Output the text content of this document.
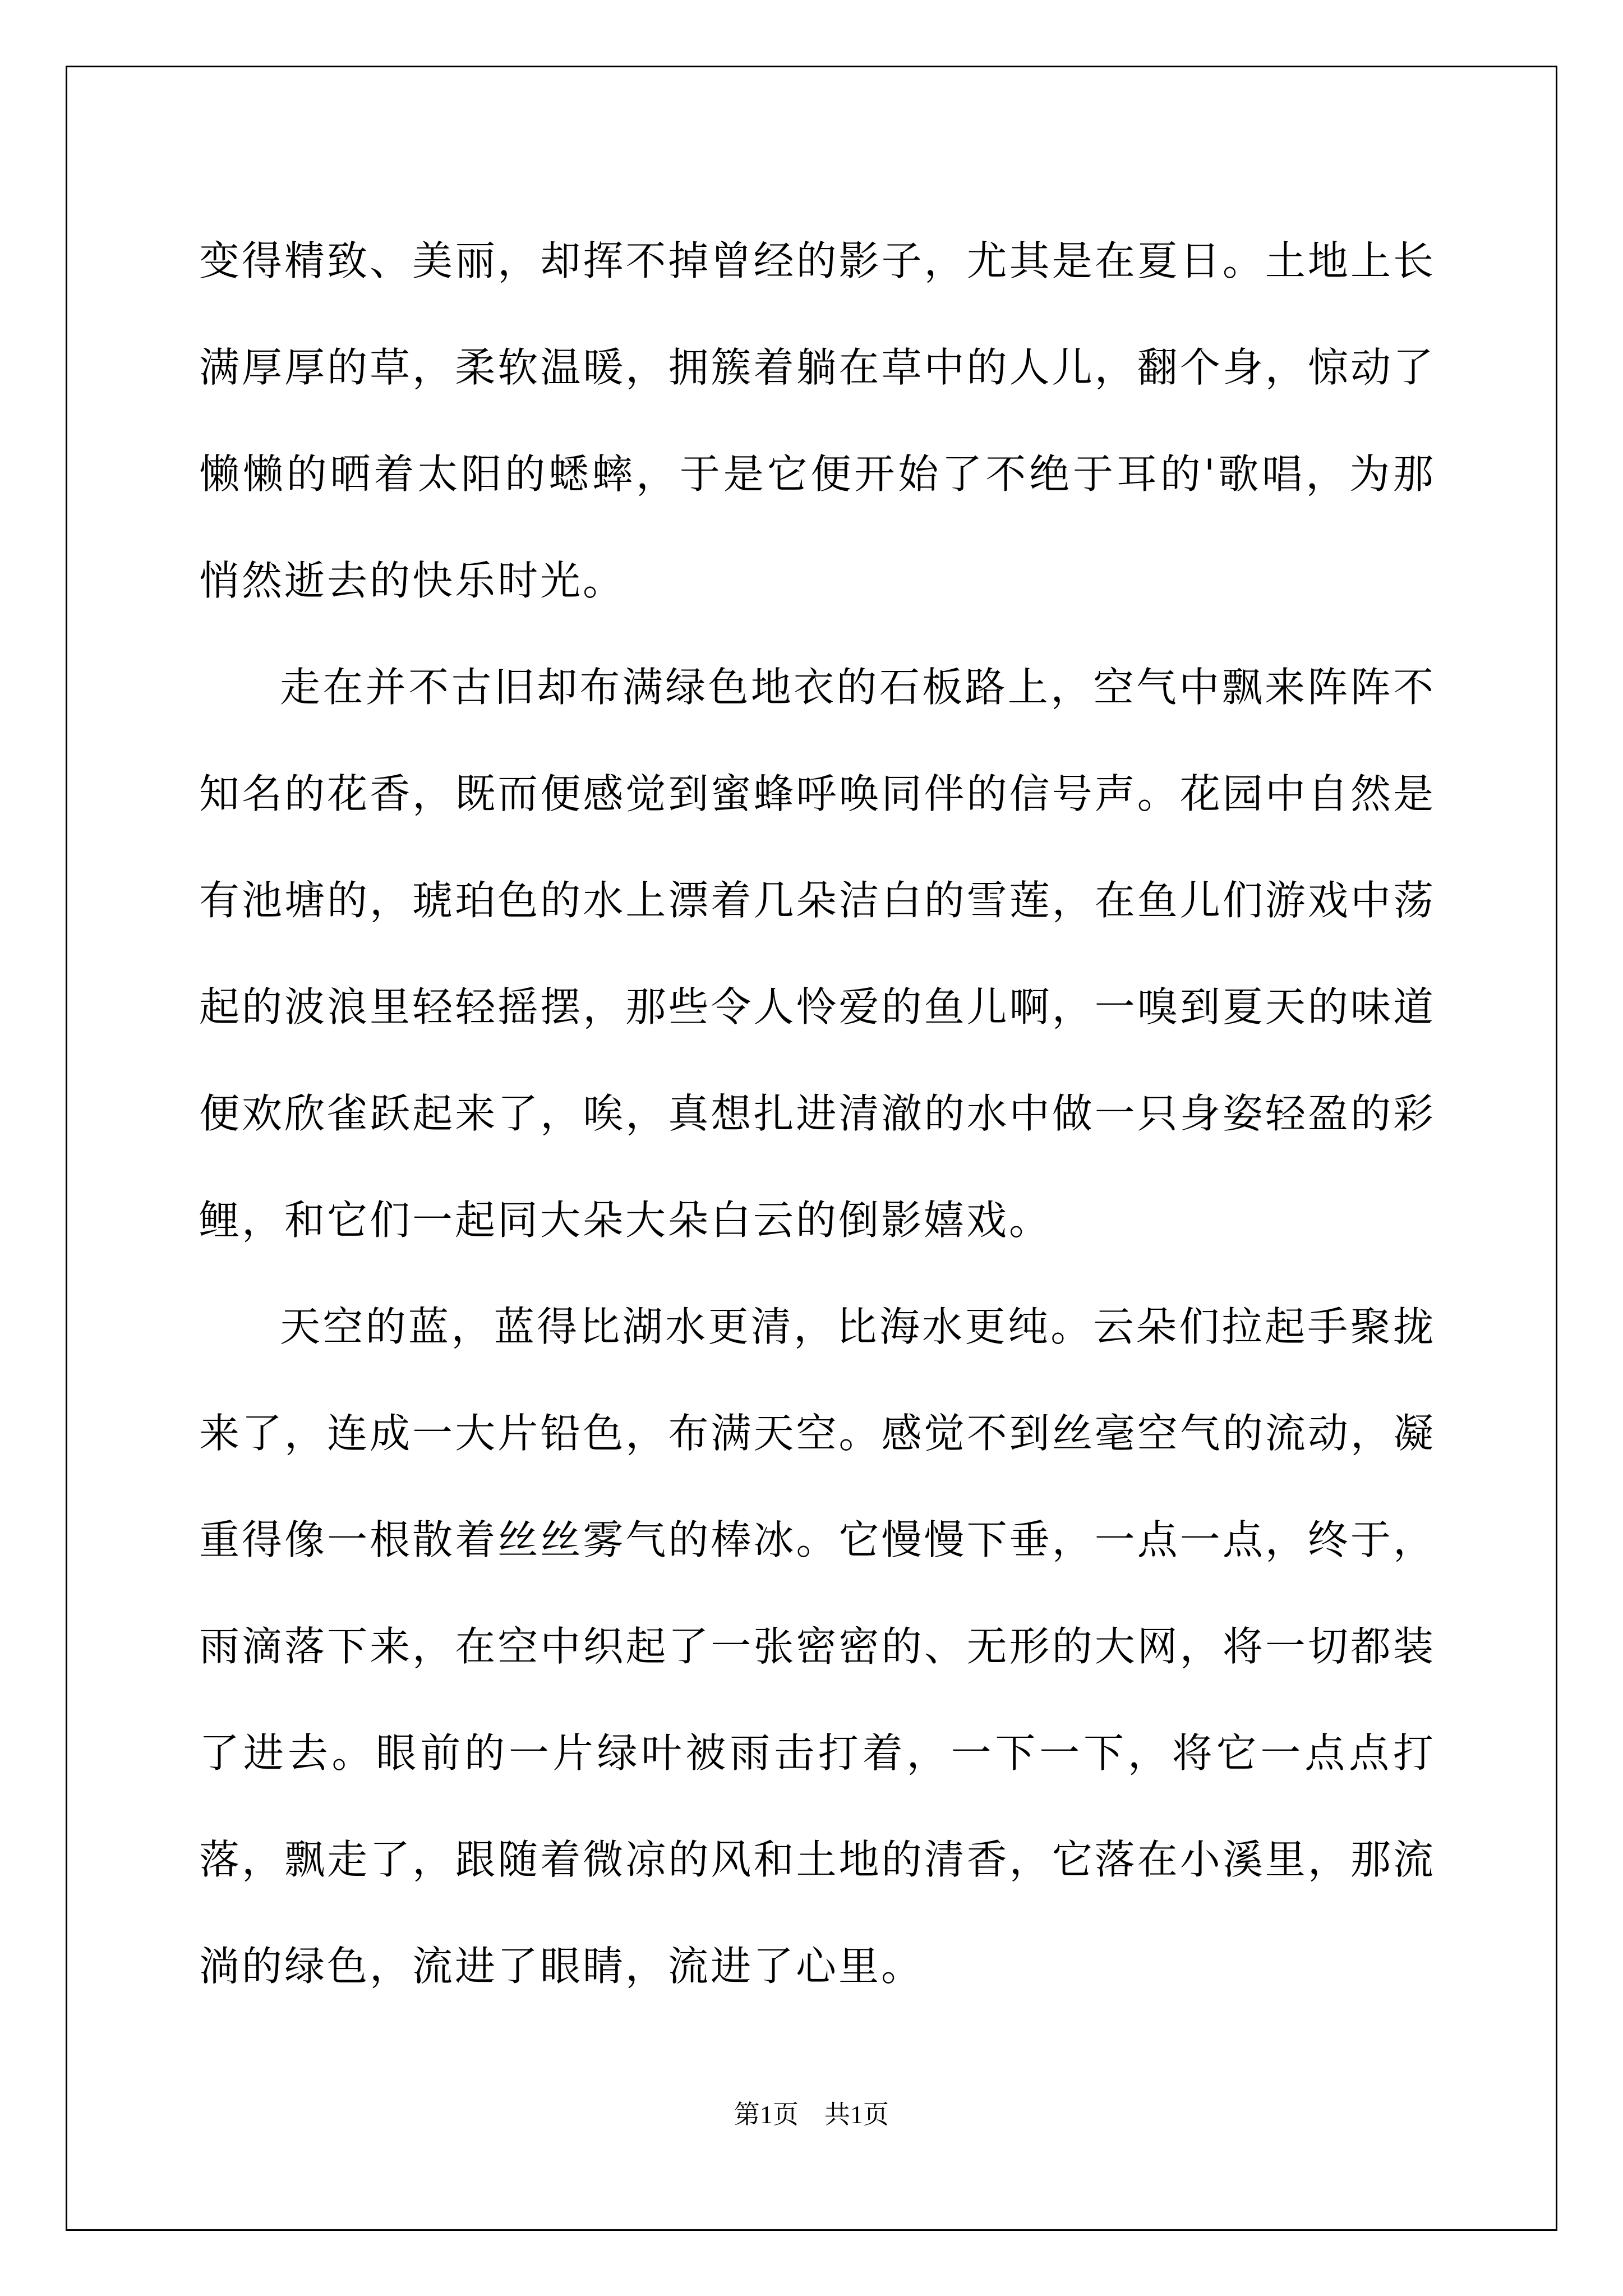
变得精致、美丽，却挥不掉曾经的影子，尤其是在夏日。土地上长满厚厚的草，柔软温暖，拥簇着躺在草中的人儿，翻个身，惊动了懒懒的晒着太阳的蟋蟀，于是它便开始了不绝于耳的'歌唱，为那悄然逝去的快乐时光。

走在并不古旧却布满绿色地衣的石板路上，空气中飘来阵阵不知名的花香，既而便感觉到蜜蜂呼唤同伴的信号声。花园中自然是有池塘的，琥珀色的水上漂着几朵洁白的雪莲，在鱼儿们游戏中荡起的波浪里轻轻摇摆，那些令人怜爱的鱼儿啊，一嗅到夏天的味道便欢欣雀跃起来了，唉，真想扎进清澈的水中做一只身姿轻盈的彩鲤，和它们一起同大朵大朵白云的倒影嬉戏。

天空的蓝，蓝得比湖水更清，比海水更纯。云朵们拉起手聚拢来了，连成一大片铅色，布满天空。感觉不到丝毫空气的流动，凝重得像一根散着丝丝雾气的棒冰。它慢慢下垂，一点一点，终于，雨滴落下来，在空中织起了一张密密的、无形的大网，将一切都装了进去。眼前的一片绿叶被雨击打着，一下一下，将它一点点打落，飘走了，跟随着微凉的风和土地的清香，它落在小溪里，那流淌的绿色，流进了眼睛，流进了心里。

第1页　共1页
